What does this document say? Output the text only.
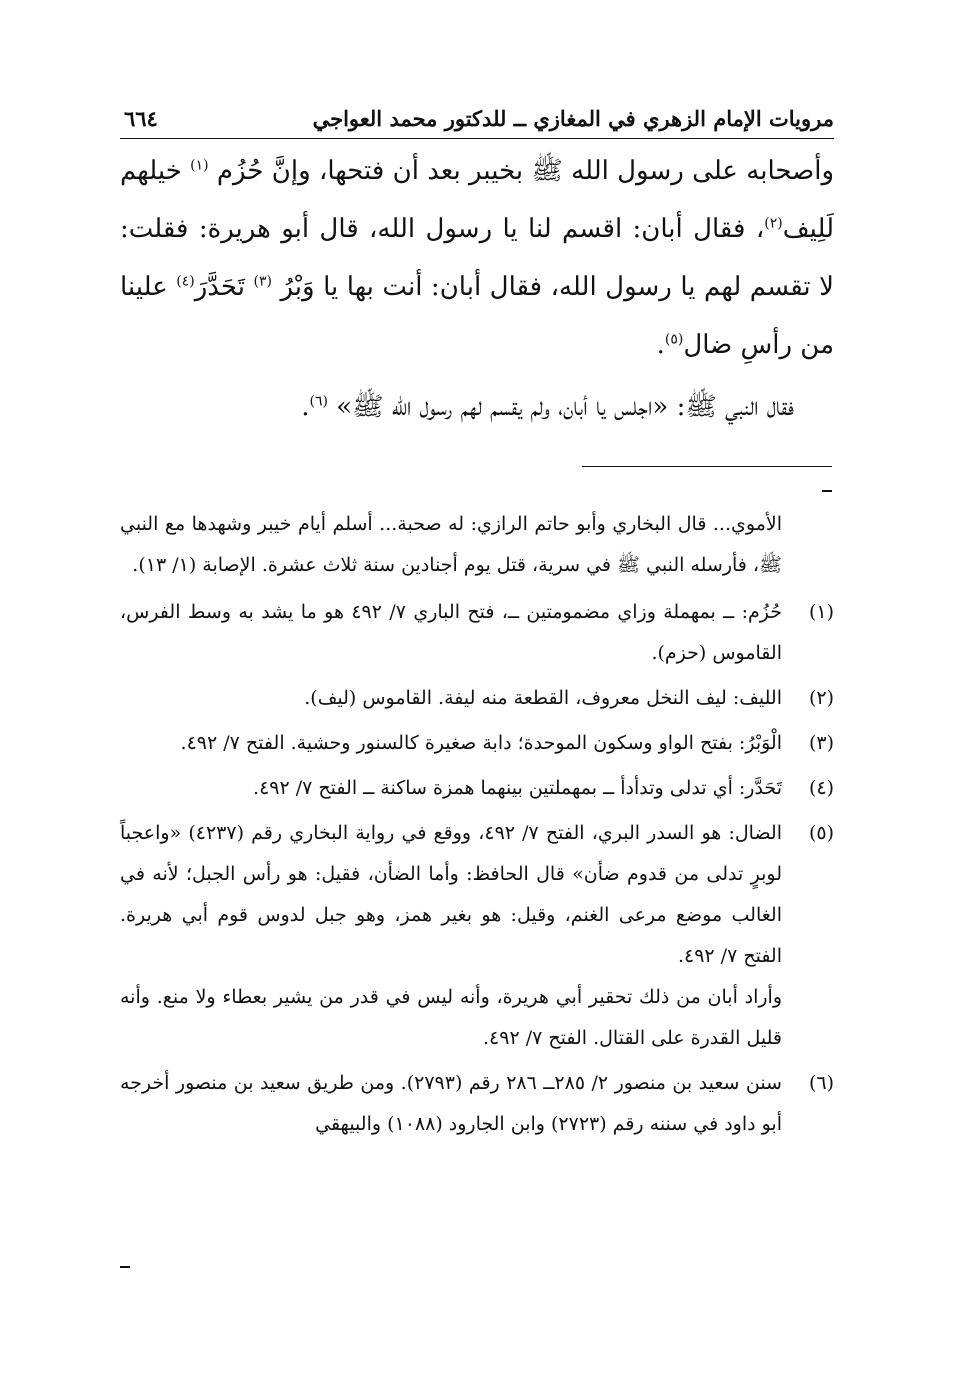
مرويات الإمام الزهري في المغازي ــ للدكتور محمد العواجي
٦٦٤

وأصحابه على رسول الله ﷺ بخيبر بعد أن فتحها، وإنَّ حُزُم $^{(١)}$ خيلهم لَلِيف$^{(٢)}$، فقال أبان: اقسم لنا يا رسول الله، قال أبو هريرة: فقلت: لا تقسم لهم يا رسول الله، فقال أبان: أنت بها يا وَبْرُ $^{(٣)}$ تَحَدَّرَ$^{(٤)}$ علينا من رأسِ ضال$^{(٥)}$.

فقال النبي ﷺ: «اجلس يا أبان، ولم يقسم لهم رسول الله ﷺ» $^{(٦)}$.

الأموي... قال البخاري وأبو حاتم الرازي: له صحبة... أسلم أيام خيبر وشهدها مع النبي ﷺ، فأرسله النبي ﷺ في سرية، قتل يوم أجنادين سنة ثلاث عشرة. الإصابة (١/ ١٣).

(١)

حُزُم: ــ بمهملة وزاي مضمومتين ــ، فتح الباري ٧/ ٤٩٢ هو ما يشد به وسط الفرس، القاموس (حزم).

(٢)

الليف: ليف النخل معروف، القطعة منه ليفة. القاموس (ليف).

(٣)

الْوَبْرُ: بفتح الواو وسكون الموحدة؛ دابة صغيرة كالسنور وحشية. الفتح ٧/ ٤٩٢.

(٤)

تَحَدَّر: أي تدلى وتدأدأ ــ بمهملتين بينهما همزة ساكنة ــ الفتح ٧/ ٤٩٢.

(٥)

الضال: هو السدر البري، الفتح ٧/ ٤٩٢، ووقع في رواية البخاري رقم (٤٢٣٧) «واعجباً لوبرٍ تدلى من قدوم ضأن» قال الحافظ: وأما الضأن، فقيل: هو رأس الجبل؛ لأنه في الغالب موضع مرعى الغنم، وقيل: هو بغير همز، وهو جبل لدوس قوم أبي هريرة. الفتح ٧/ ٤٩٢.

وأراد أبان من ذلك تحقير أبي هريرة، وأنه ليس في قدر من يشير بعطاء ولا منع. وأنه قليل القدرة على القتال. الفتح ٧/ ٤٩٢.

(٦)

سنن سعيد بن منصور ٢/ ٢٨٥ــ ٢٨٦ رقم (٢٧٩٣). ومن طريق سعيد بن منصور أخرجه أبو داود في سننه رقم (٢٧٢٣) وابن الجارود (١٠٨٨) والبيهقي
